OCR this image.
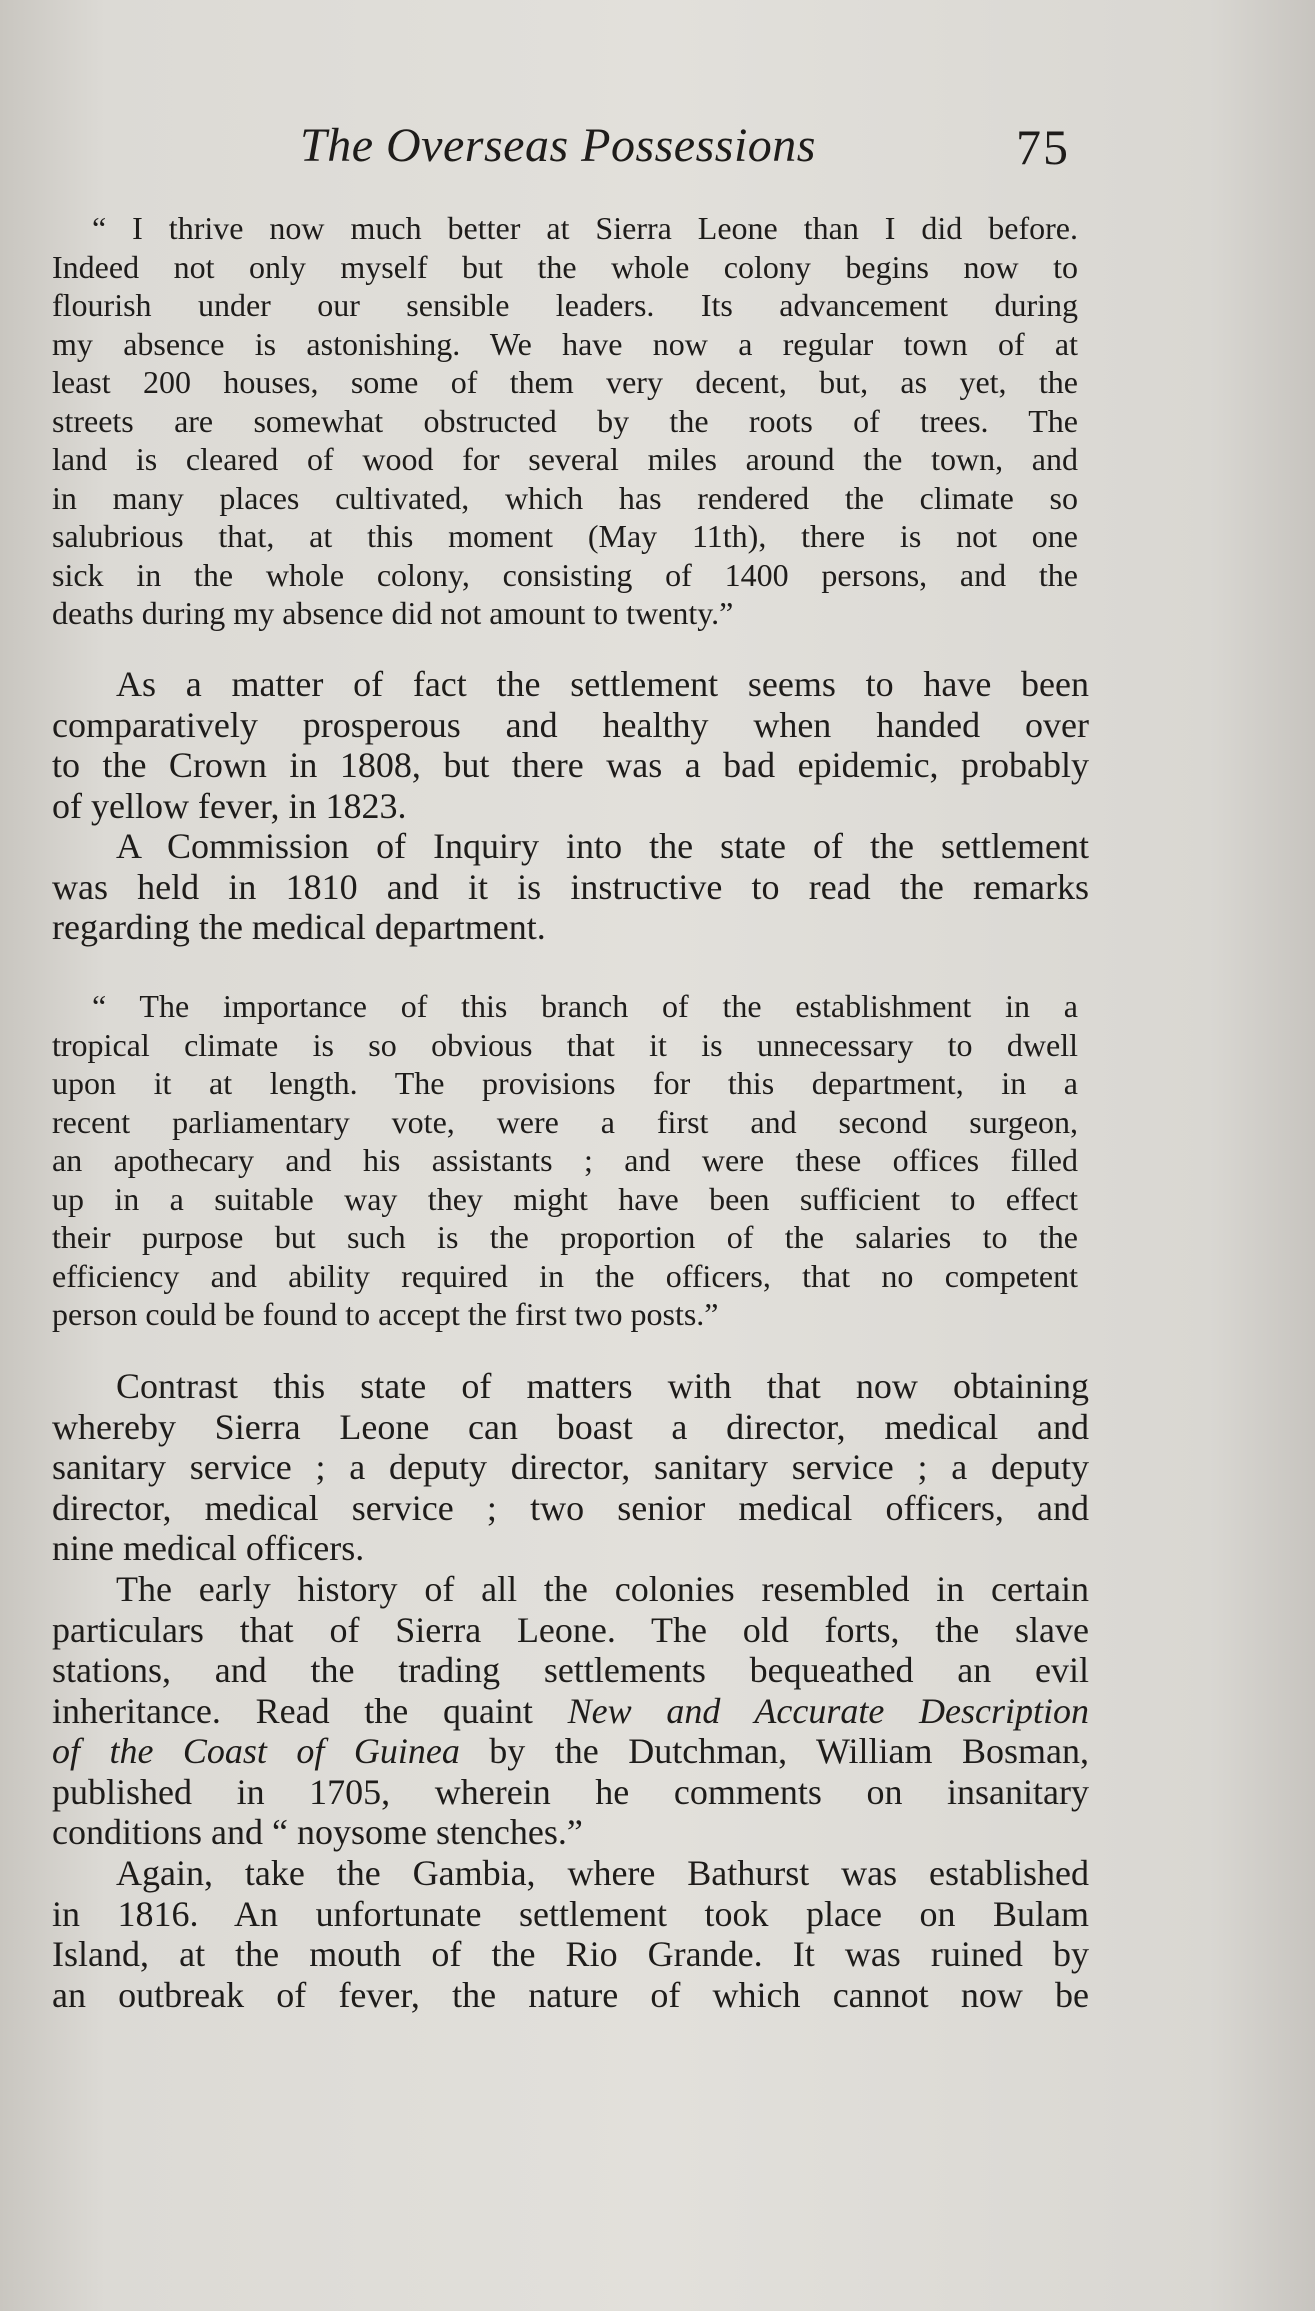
The Overseas Possessions	75
“ I thrive now much better at Sierra Leone than I did before.
Indeed not only myself but the whole colony begins now to
flourish under our sensible leaders. Its advancement during
my absence is astonishing. We have now a regular town of at
least 200 houses, some of them very decent, but, as yet, the
streets are somewhat obstructed by the roots of trees. The
land is cleared of wood for several miles around the town, and
in many places cultivated, which has rendered the climate so
salubrious that, at this moment (May 11th), there is not one
sick in the whole colony, consisting of 1400 persons, and the
deaths during my absence did not amount to twenty.”
As a matter of fact the settlement seems to have been
comparatively prosperous and healthy when handed over
to the Crown in 1808, but there was a bad epidemic, probably
of yellow fever, in 1823.
A Commission of Inquiry into the state of the settlement
was held in 1810 and it is instructive to read the remarks
regarding the medical department.
“ The importance of this branch of the establishment in a
tropical climate is so obvious that it is unnecessary to dwell
upon it at length. The provisions for this department, in a
recent parliamentary vote, were a first and second surgeon,
an apothecary and his assistants ; and were these offices filled
up in a suitable way they might have been sufficient to effect
their purpose but such is the proportion of the salaries to the
efficiency and ability required in the officers, that no competent
person could be found to accept the first two posts.”
Contrast this state of matters with that now obtaining
whereby Sierra Leone can boast a director, medical and
sanitary service ; a deputy director, sanitary service ; a deputy
director, medical service ; two senior medical officers, and
nine medical officers.
The early history of all the colonies resembled in certain
particulars that of Sierra Leone. The old forts, the slave
stations, and the trading settlements bequeathed an evil
inheritance. Read the quaint New and Accurate Description
of the Coast of Guinea by the Dutchman, William Bosman,
published in 1705, wherein he comments on insanitary
conditions and “ noysome stenches.”
Again, take the Gambia, where Bathurst was established
in 1816. An unfortunate settlement took place on Bulam
Island, at the mouth of the Rio Grande. It was ruined by
an outbreak of fever, the nature of which cannot now be
